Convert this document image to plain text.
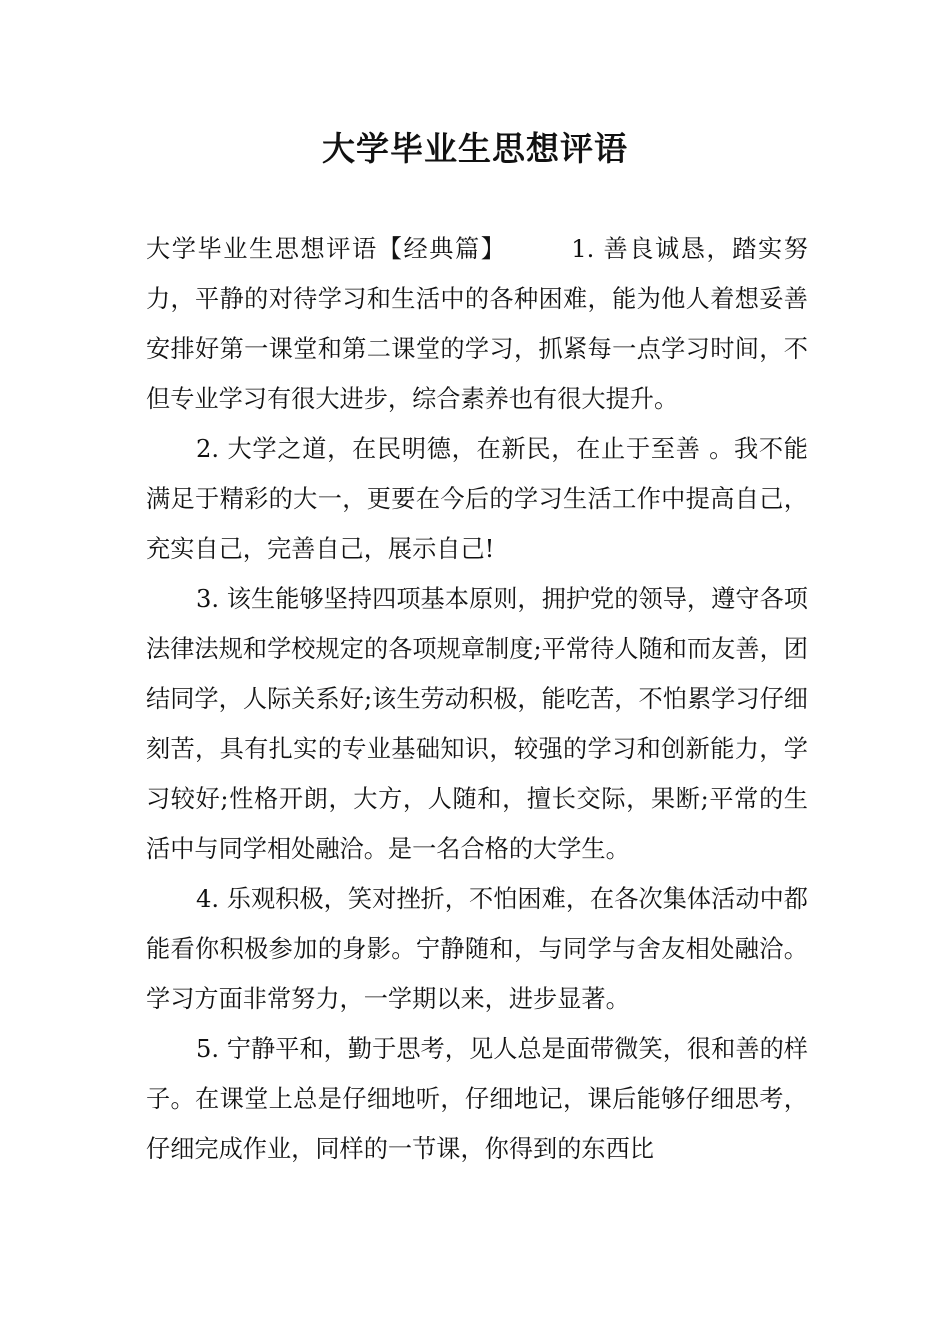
大学毕业生思想评语

大学毕业生思想评语【经典篇】       1. 善良诚恳，踏实努力，平静的对待学习和生活中的各种困难，能为他人着想妥善安排好第一课堂和第二课堂的学习，抓紧每一点学习时间，不但专业学习有很大进步，综合素养也有很大提升。

2. 大学之道，在民明德，在新民，在止于至善 。我不能满足于精彩的大一，更要在今后的学习生活工作中提高自己，充实自己，完善自己，展示自己!

3. 该生能够坚持四项基本原则，拥护党的领导，遵守各项法律法规和学校规定的各项规章制度;平常待人随和而友善，团结同学，人际关系好;该生劳动积极，能吃苦，不怕累学习仔细刻苦，具有扎实的专业基础知识，较强的学习和创新能力，学习较好;性格开朗，大方，人随和，擅长交际，果断;平常的生活中与同学相处融洽。是一名合格的大学生。

4. 乐观积极，笑对挫折，不怕困难，在各次集体活动中都能看你积极参加的身影。宁静随和，与同学与舍友相处融洽。学习方面非常努力，一学期以来，进步显著。

5. 宁静平和，勤于思考，见人总是面带微笑，很和善的样子。在课堂上总是仔细地听，仔细地记，课后能够仔细思考，仔细完成作业，同样的一节课，你得到的东西比
